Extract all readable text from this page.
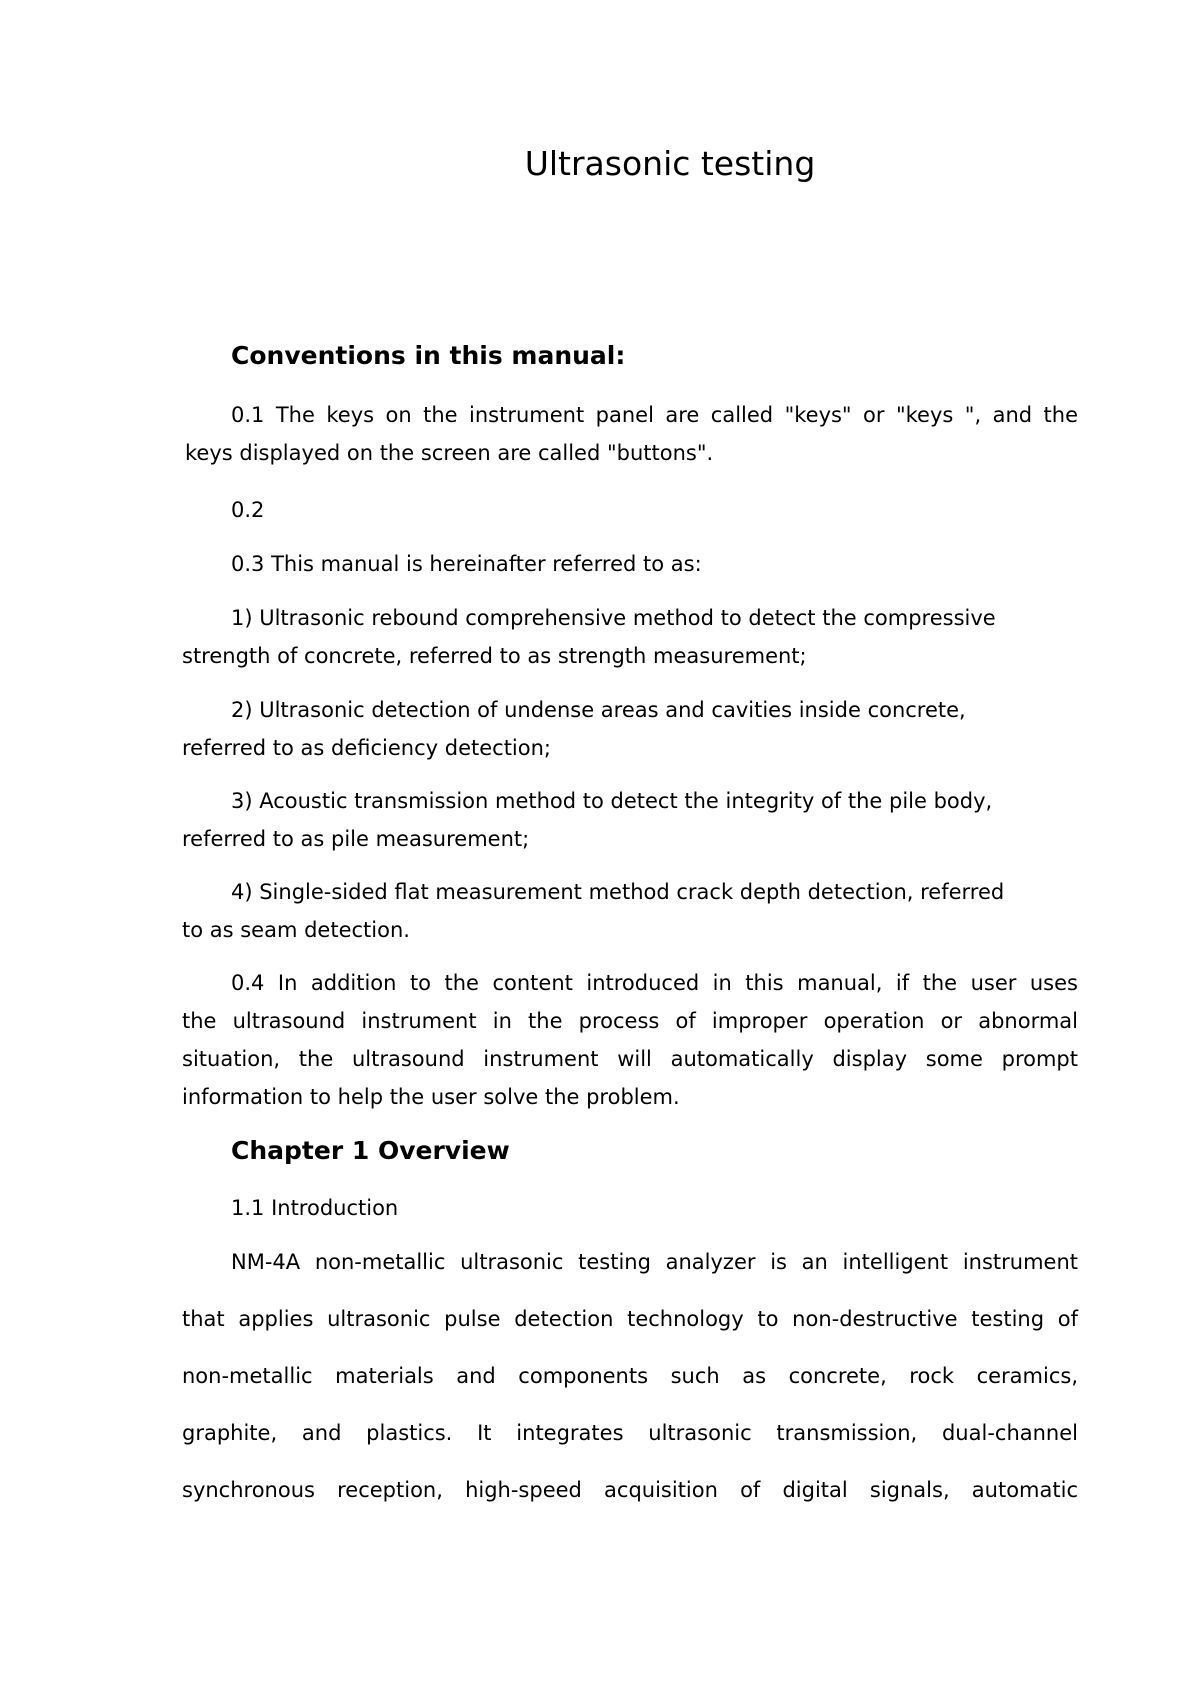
Ultrasonic testing
Conventions in this manual:
0.1 The keys on the instrument panel are called "keys" or "keys ", and the
keys displayed on the screen are called "buttons".
0.2
0.3 This manual is hereinafter referred to as:
1) Ultrasonic rebound comprehensive method to detect the compressive
strength of concrete, referred to as strength measurement;
2) Ultrasonic detection of undense areas and cavities inside concrete,
referred to as deficiency detection;
3) Acoustic transmission method to detect the integrity of the pile body,
referred to as pile measurement;
4) Single-sided flat measurement method crack depth detection, referred
to as seam detection.
0.4 In addition to the content introduced in this manual, if the user uses
the ultrasound instrument in the process of improper operation or abnormal
situation, the ultrasound instrument will automatically display some prompt
information to help the user solve the problem.
Chapter 1 Overview
1.1 Introduction
NM-4A non-metallic ultrasonic testing analyzer is an intelligent instrument
that applies ultrasonic pulse detection technology to non-destructive testing of
non-metallic materials and components such as concrete, rock ceramics,
graphite, and plastics. It integrates ultrasonic transmission, dual-channel
synchronous reception, high-speed acquisition of digital signals, automatic
